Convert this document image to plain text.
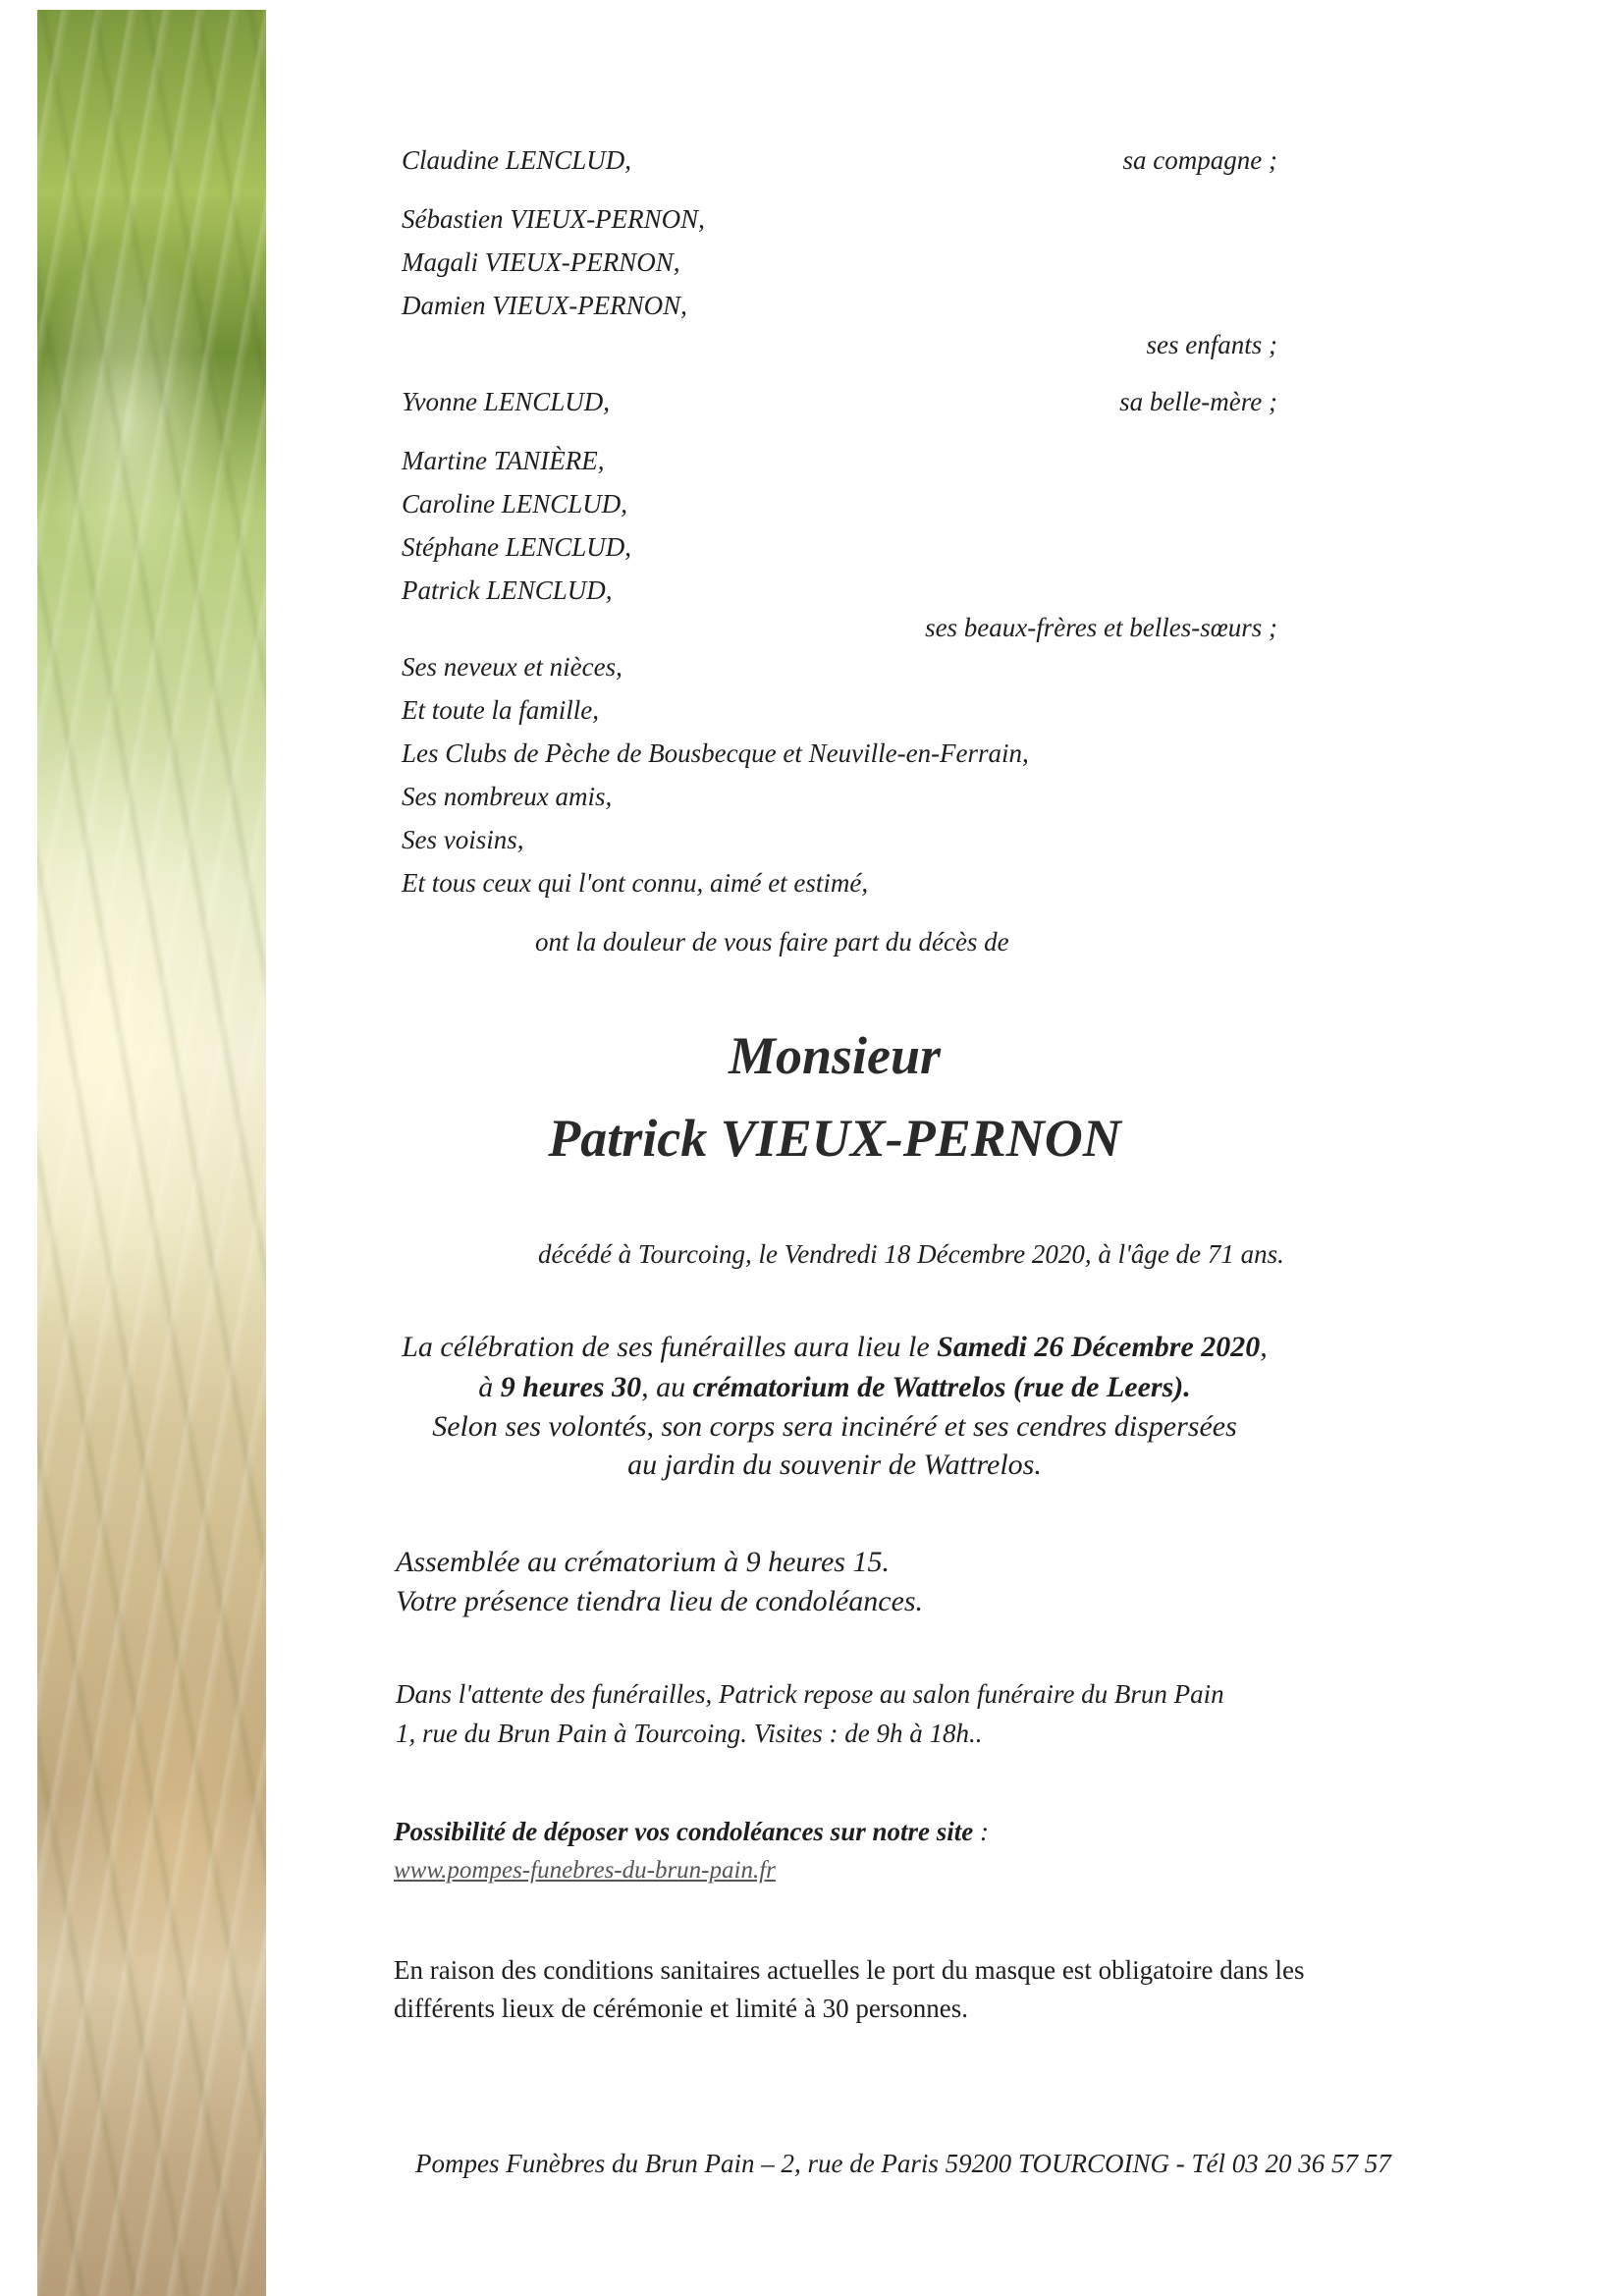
Claudine LENCLUD,	sa compagne ;
Sébastien VIEUX-PERNON,
Magali VIEUX-PERNON,
Damien VIEUX-PERNON,
ses enfants ;
Yvonne LENCLUD,	sa belle-mère ;
Martine TANIÈRE,
Caroline LENCLUD,
Stéphane LENCLUD,
Patrick LENCLUD,
ses beaux-frères et belles-sœurs ;
Ses neveux et nièces,
Et toute la famille,
Les Clubs de Pèche de Bousbecque et Neuville-en-Ferrain,
Ses nombreux amis,
Ses voisins,
Et tous ceux qui l'ont connu, aimé et estimé,
ont la douleur de vous faire part du décès de
Monsieur
Patrick VIEUX-PERNON
décédé à Tourcoing, le Vendredi 18 Décembre 2020, à l'âge de 71 ans.
La célébration de ses funérailles aura lieu le Samedi 26 Décembre 2020,
à 9 heures 30, au crématorium de Wattrelos (rue de Leers).
Selon ses volontés, son corps sera incinéré et ses cendres dispersées
au jardin du souvenir de Wattrelos.
Assemblée au crématorium à 9 heures 15.
Votre présence tiendra lieu de condoléances.
Dans l'attente des funérailles, Patrick repose au salon funéraire du Brun Pain
1, rue du Brun Pain à Tourcoing. Visites : de 9h à 18h..
Possibilité de déposer vos condoléances sur notre site :
www.pompes-funebres-du-brun-pain.fr
En raison des conditions sanitaires actuelles le port du masque est obligatoire dans les
différents lieux de cérémonie et limité à 30 personnes.
Pompes Funèbres du Brun Pain – 2, rue de Paris 59200 TOURCOING - Tél 03 20 36 57 57
